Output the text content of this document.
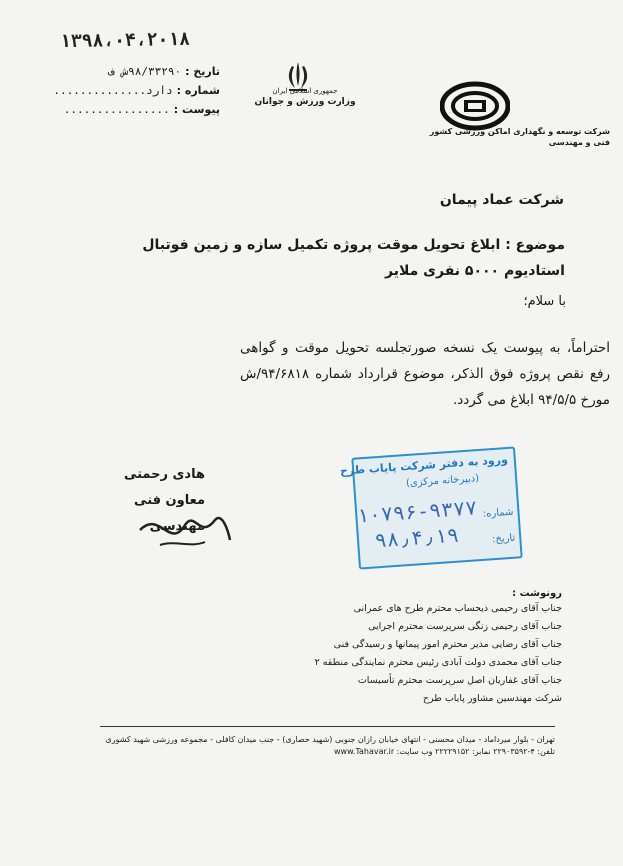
۱۳۹۸،۰۴،۲۰۱۸
تاریخ :
۹۸/۳۳۲۹۰ش ف
شماره :
دارد..............
پیوست :
................
جمهوری اسلامی ایران
وزارت ورزش و جوانان
شرکت توسعه و نگهداری اماکن ورزشی کشور
فنی و مهندسی
شرکت عماد پیمان
موضوع : ابلاغ تحویل موقت پروژه تکمیل سازه و زمین فوتبال
استادیوم ۵۰۰۰ نفری ملایر
با سلام؛
احتراماً، به پیوست یک نسخه صورتجلسه تحویل موقت و گواهی رفع نقص پروژه فوق الذکر، موضوع قرارداد شماره ۹۴/۶۸۱۸/ش مورخ ۹۴/۵/۵ ابلاغ می گردد.
ورود به دفتر شرکت پایاب طرح
(دبیرخانه مرکزی)
۱۰۷۹۶-۹۳۷۷ شماره:
۹۸٫۴٫۱۹	تاریخ:
هادی رحمتی
معاون فنی مهندسی
رونوشت :
جناب آقای رحیمی ذیحساب محترم طرح های عمرانی
جناب آقای رحیمی زنگی سرپرست محترم اجرایی
جناب آقای رضایی مدیر محترم امور پیمانها و رسیدگی فنی
جناب آقای محمدی دولت آبادی رئیس محترم نمایندگی منطقه ۲
جناب آقای غفاریان اصل سرپرست محترم تأسیسات
شرکت مهندسین مشاور پایاب طرح
تهران - بلوار میرداماد - میدان محسنی - انتهای خیابان رازان جنوبی (شهید حصاری) - جنب میدان کافلی - مجموعه ورزشی شهید کشوری
تلفن: ۴-۲۲۹۰۳۵۹۲ نمابر: ۲۲۲۲۹۱۵۲ وب سایت: www.Tahavar.ir
